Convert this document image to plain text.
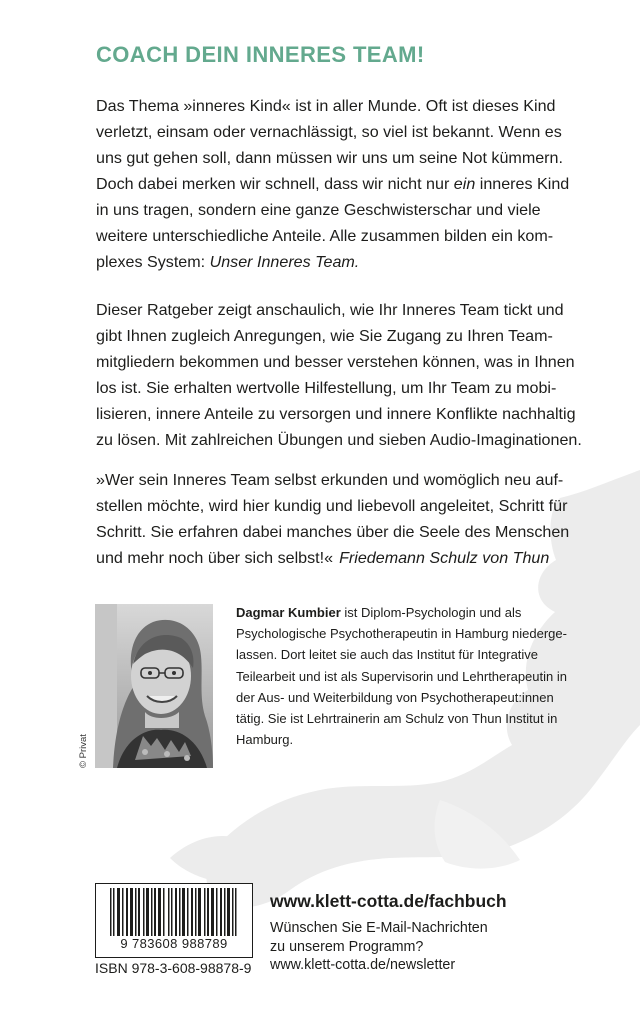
COACH DEIN INNERES TEAM!
Das Thema »inneres Kind« ist in aller Munde. Oft ist dieses Kind
verletzt, einsam oder vernachlässigt, so viel ist bekannt. Wenn es
uns gut gehen soll, dann müssen wir uns um seine Not kümmern.
Doch dabei merken wir schnell, dass wir nicht nur ein inneres Kind
in uns tragen, sondern eine ganze Geschwisterschar und viele
weitere unterschiedliche Anteile. Alle zusammen bilden ein kom-
plexes System: Unser Inneres Team.
Dieser Ratgeber zeigt anschaulich, wie Ihr Inneres Team tickt und
gibt Ihnen zugleich Anregungen, wie Sie Zugang zu Ihren Team-
mitgliedern bekommen und besser verstehen können, was in Ihnen
los ist. Sie erhalten wertvolle Hilfestellung, um Ihr Team zu mobi-
lisieren, innere Anteile zu versorgen und innere Konflikte nachhaltig
zu lösen. Mit zahlreichen Übungen und sieben Audio-Imaginationen.
»Wer sein Inneres Team selbst erkunden und womöglich neu auf-
stellen möchte, wird hier kundig und liebevoll angeleitet, Schritt für
Schritt. Sie erfahren dabei manches über die Seele des Menschen
und mehr noch über sich selbst!« Friedemann Schulz von Thun
© Privat
Dagmar Kumbier ist Diplom-Psychologin und als
Psychologische Psychotherapeutin in Hamburg niederge-
lassen. Dort leitet sie auch das Institut für Integrative
Teilearbeit und ist als Supervisorin und Lehrtherapeutin in
der Aus- und Weiterbildung von Psychotherapeut:innen
tätig. Sie ist Lehrtrainerin am Schulz von Thun Institut in
Hamburg.
9 783608 988789
ISBN 978-3-608-98878-9
www.klett-cotta.de/fachbuch
Wünschen Sie E-Mail-Nachrichten
zu unserem Programm?
www.klett-cotta.de/newsletter
